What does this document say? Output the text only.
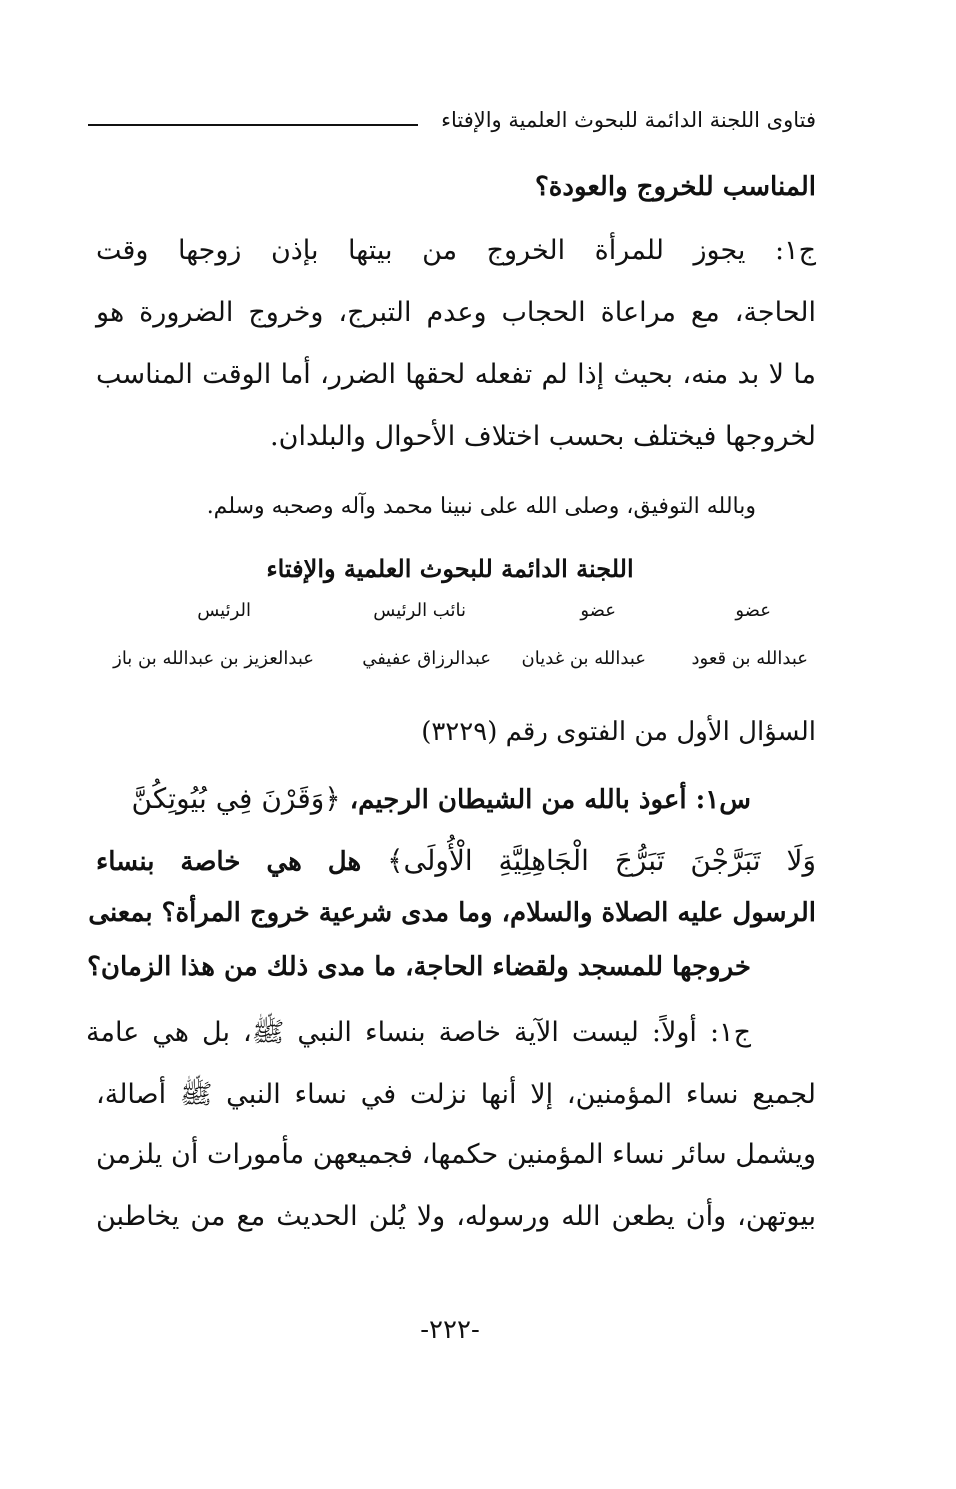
فتاوى اللجنة الدائمة للبحوث العلمية والإفتاء
المناسب للخروج والعودة؟
ج١: يجوز للمرأة الخروج من بيتها بإذن زوجها وقت
الحاجة، مع مراعاة الحجاب وعدم التبرج، وخروج الضرورة هو
ما لا بد منه، بحيث إذا لم تفعله لحقها الضرر، أما الوقت المناسب
لخروجها فيختلف بحسب اختلاف الأحوال والبلدان.
وبالله التوفيق، وصلى الله على نبينا محمد وآله وصحبه وسلم.
اللجنة الدائمة للبحوث العلمية والإفتاء
عضو
عضو
نائب الرئيس
الرئيس
عبدالله بن قعود
عبدالله بن غديان
عبدالرزاق عفيفي
عبدالعزيز بن عبدالله بن باز
السؤال الأول من الفتوى رقم (٣٢٢٩)
س١: أعوذ بالله من الشيطان الرجيم، ﴿وَقَرْنَ فِي بُيُوتِكُنَّ
وَلَا تَبَرَّجْنَ تَبَرُّجَ الْجَاهِلِيَّةِ الْأُولَى﴾ هل هي خاصة بنساء
الرسول عليه الصلاة والسلام، وما مدى شرعية خروج المرأة؟ بمعنى
خروجها للمسجد ولقضاء الحاجة، ما مدى ذلك من هذا الزمان؟
ج١: أولاً: ليست الآية خاصة بنساء النبي ﷺ، بل هي عامة
لجميع نساء المؤمنين، إلا أنها نزلت في نساء النبي ﷺ أصالة،
ويشمل سائر نساء المؤمنين حكمها، فجميعهن مأمورات أن يلزمن
بيوتهن، وأن يطعن الله ورسوله، ولا يُلن الحديث مع من يخاطبن
-٢٢٢-
